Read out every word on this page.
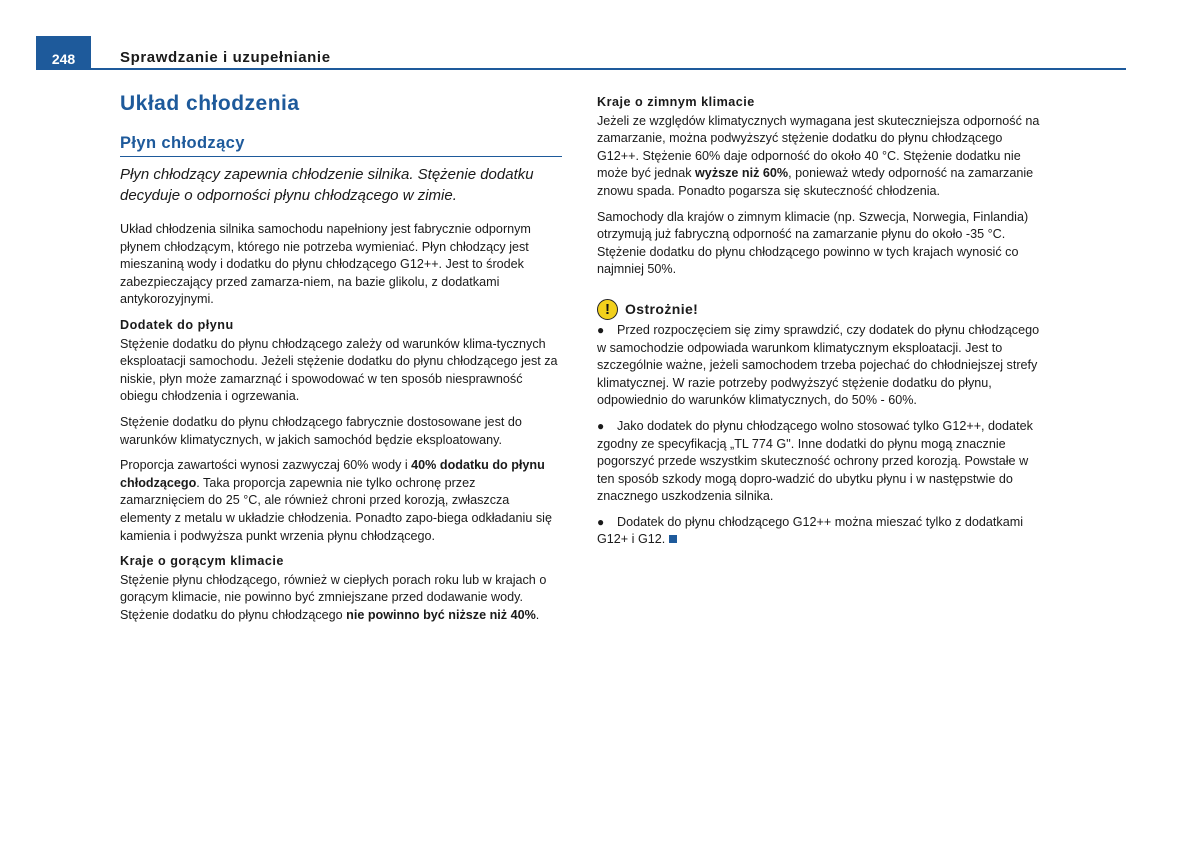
248	Sprawdzanie i uzupełnianie
Układ chłodzenia
Płyn chłodzący
Płyn chłodzący zapewnia chłodzenie silnika. Stężenie dodatku decyduje o odporności płynu chłodzącego w zimie.

Układ chłodzenia silnika samochodu napełniony jest fabrycznie odpornym płynem chłodzącym, którego nie potrzeba wymieniać. Płyn chłodzący jest mieszaniną wody i dodatku do płynu chłodzącego G12++. Jest to środek zabezpieczający przed zamarza-niem, na bazie glikolu, z dodatkami antykorozyjnymi.

Dodatek do płynu

Stężenie dodatku do płynu chłodzącego zależy od warunków klima-tycznych eksploatacji samochodu. Jeżeli stężenie dodatku do płynu chłodzącego jest za niskie, płyn może zamarznąć i spowodować w ten sposób niesprawność obiegu chłodzenia i ogrzewania.

Stężenie dodatku do płynu chłodzącego fabrycznie dostosowane jest do warunków klimatycznych, w jakich samochód będzie eksploatowany.

Proporcja zawartości wynosi zazwyczaj 60% wody i 40% dodatku do płynu chłodzącego. Taka proporcja zapewnia nie tylko ochronę przez zamarznięciem do 25 °C, ale również chroni przed korozją, zwłaszcza elementy z metalu w układzie chłodzenia. Ponadto zapo-biega odkładaniu się kamienia i podwyższa punkt wrzenia płynu chłodzącego.

Kraje o gorącym klimacie

Stężenie płynu chłodzącego, również w ciepłych porach roku lub w krajach o gorącym klimacie, nie powinno być zmniejszane przed dodawanie wody. Stężenie dodatku do płynu chłodzącego nie powinno być niższe niż 40%.

Kraje o zimnym klimacie

Jeżeli ze względów klimatycznych wymagana jest skuteczniejsza odporność na zamarzanie, można podwyższyć stężenie dodatku do płynu chłodzącego G12++. Stężenie 60% daje odporność do około 40 °C. Stężenie dodatku nie może być jednak wyższe niż 60%, ponieważ wtedy odporność na zamarzanie znowu spada. Ponadto pogarsza się skuteczność chłodzenia.

Samochody dla krajów o zimnym klimacie (np. Szwecja, Norwegia, Finlandia) otrzymują już fabryczną odporność na zamarzanie płynu do około -35 °C. Stężenie dodatku do płynu chłodzącego powinno w tych krajach wynosić co najmniej 50%.

!	Ostrożnie!
● Przed rozpoczęciem się zimy sprawdzić, czy dodatek do płynu chłodzącego w samochodzie odpowiada warunkom klimatycznym eksploatacji. Jest to szczególnie ważne, jeżeli samochodem trzeba pojechać do chłodniejszej strefy klimatycznej. W razie potrzeby podwyższyć stężenie dodatku do płynu, odpowiednio do warunków klimatycznych, do 50% - 60%.
● Jako dodatek do płynu chłodzącego wolno stosować tylko G12++, dodatek zgodny ze specyfikacją „TL 774 G". Inne dodatki do płynu mogą znacznie pogorszyć przede wszystkim skuteczność ochrony przed korozją. Powstałe w ten sposób szkody mogą dopro-wadzić do ubytku płynu i w następstwie do znacznego uszkodzenia silnika.
● Dodatek do płynu chłodzącego G12++ można mieszać tylko z dodatkami G12+ i G12.
